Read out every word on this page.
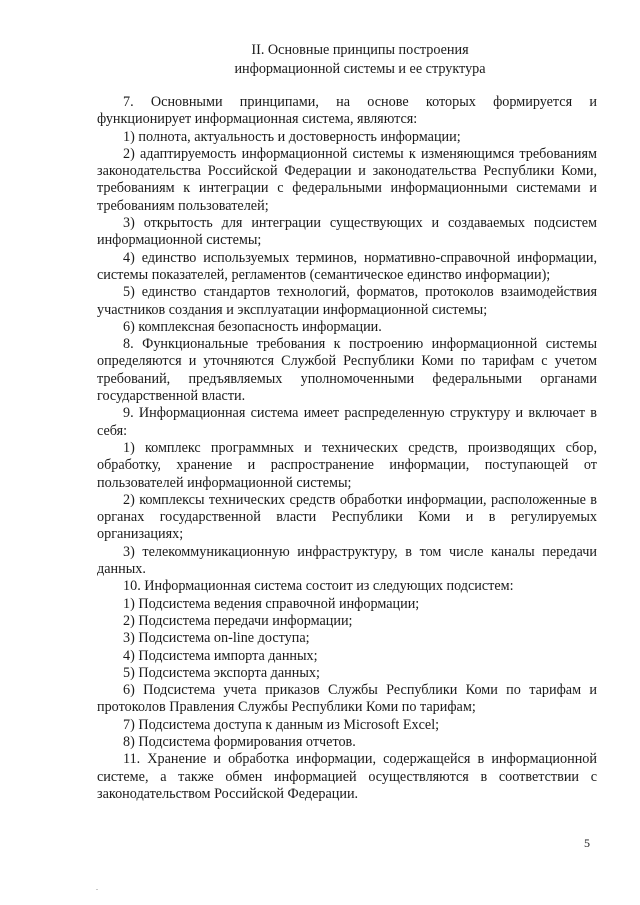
II. Основные принципы построения
информационной системы и ее структура

7. Основными принципами, на основе которых формируется и функционирует информационная система, являются:

1) полнота, актуальность и достоверность информации;

2) адаптируемость информационной системы к изменяющимся требованиям законодательства Российской Федерации и законодательства Республики Коми, требованиям к интеграции с федеральными информационными системами и требованиям пользователей;

3) открытость для интеграции существующих и создаваемых подсистем информационной системы;

4) единство используемых терминов, нормативно-справочной информации, системы показателей, регламентов (семантическое единство информации);

5) единство стандартов технологий, форматов, протоколов взаимодействия участников создания и эксплуатации информационной системы;

6) комплексная безопасность информации.

8. Функциональные требования к построению информационной системы определяются и уточняются Службой Республики Коми по тарифам с учетом требований, предъявляемых уполномоченными федеральными органами государственной власти.

9. Информационная система имеет распределенную структуру и включает в себя:

1) комплекс программных и технических средств, производящих сбор, обработку, хранение и распространение информации, поступающей от пользователей информационной системы;

2) комплексы технических средств обработки информации, расположенные в органах государственной власти Республики Коми и в регулируемых организациях;

3) телекоммуникационную инфраструктуру, в том числе каналы передачи данных.

10. Информационная система состоит из следующих подсистем:

1) Подсистема ведения справочной информации;

2) Подсистема передачи информации;

3) Подсистема on-line доступа;

4) Подсистема импорта данных;

5) Подсистема экспорта данных;

6) Подсистема учета приказов Службы Республики Коми по тарифам и протоколов Правления Службы Республики Коми по тарифам;

7) Подсистема доступа к данным из Microsoft Excel;

8) Подсистема формирования отчетов.

11. Хранение и обработка информации, содержащейся в информационной системе, а также обмен информацией осуществляются в соответствии с законодательством Российской Федерации.

5
